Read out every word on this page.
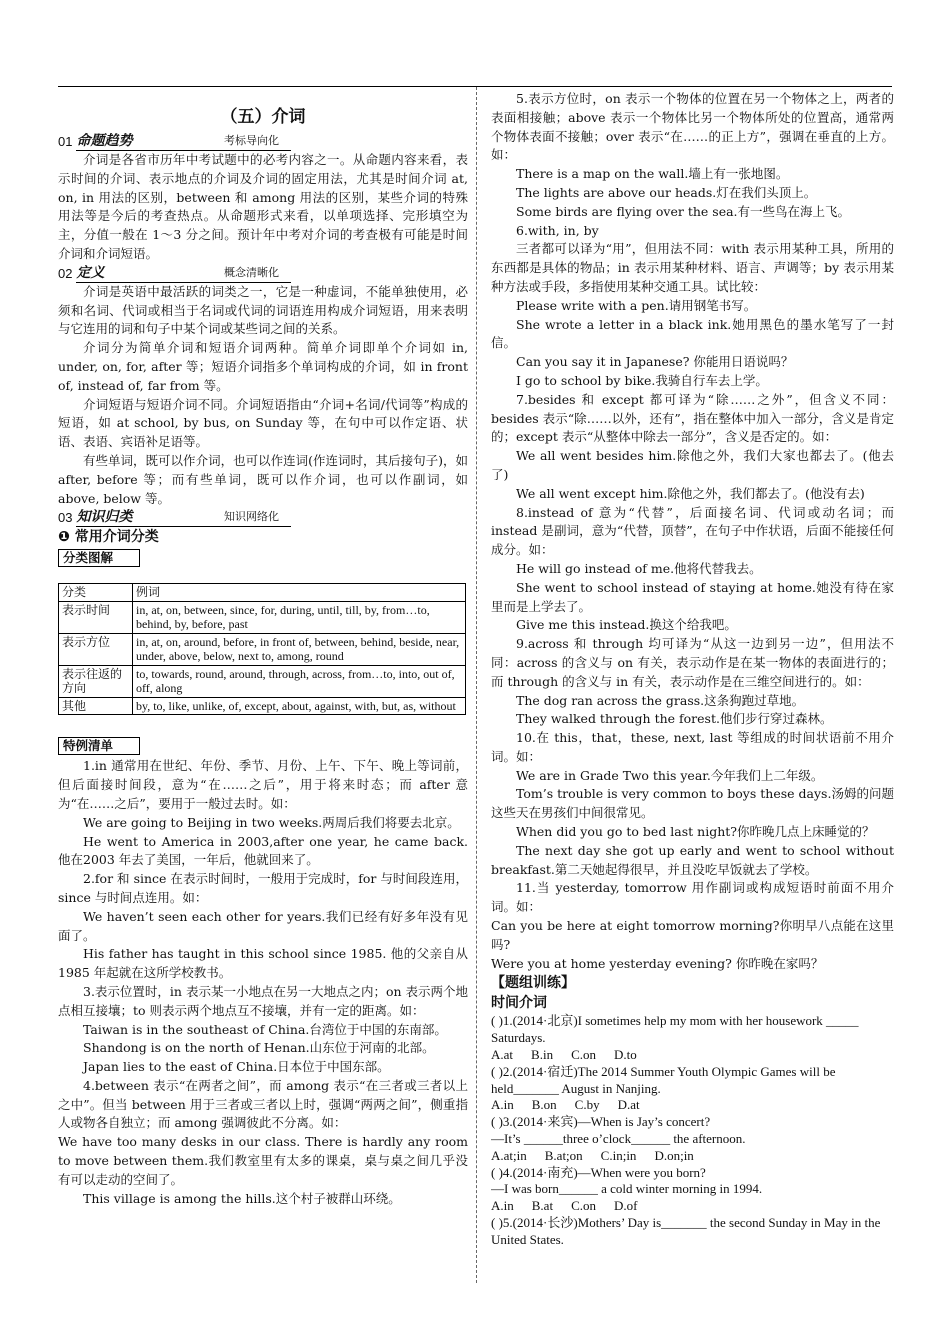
（五）介词
01 命题趋势	考标导向化

介词是各省市历年中考试题中的必考内容之一。从命题内容来看，表示时间的介词、表示地点的介词及介词的固定用法，尤其是时间介词 at, on, in 用法的区别，between 和 among 用法的区别，某些介词的特殊用法等是今后的考查热点。从命题形式来看，以单项选择、完形填空为主，分值一般在 1～3 分之间。预计年中考对介词的考查极有可能是时间介词和介词短语。

02 定义	概念清晰化

介词是英语中最活跃的词类之一，它是一种虚词，不能单独使用，必须和名词、代词或相当于名词或代词的词语连用构成介词短语，用来表明与它连用的词和句子中某个词或某些词之间的关系。

介词分为简单介词和短语介词两种。简单介词即单个介词如 in, under, on, for, after 等；短语介词指多个单词构成的介词，如 in front of, instead of, far from 等。

介词短语与短语介词不同。介词短语指由“介词+名词/代词等”构成的短语，如 at school, by bus, on Sunday 等，在句中可以作定语、状语、表语、宾语补足语等。

有些单词，既可以作介词，也可以作连词(作连词时，其后接句子)，如 after, before 等；而有些单词，既可以作介词，也可以作副词，如 above, below 等。

03 知识归类	知识网络化
❶ 常用介词分类
分类图解
分类	例词
表示时间	in, at, on, between, since, for, during, until, till, by, from…to, behind, by, before, past
表示方位	in, at, on, around, before, in front of, between, behind, beside, near, under, above, below, next to, among, round
表示往返的方向	to, towards, round, around, through, across, from…to, into, out of, off, along
其他	by, to, like, unlike, of, except, about, against, with, but, as, without
特例清单

1.in 通常用在世纪、年份、季节、月份、上午、下午、晚上等词前，但后面接时间段，意为“在……之后”，用于将来时态；而 after 意为“在……之后”，要用于一般过去时。如：

We are going to Beijing in two weeks.两周后我们将要去北京。

He went to America in 2003,after one year, he came back. 他在2003 年去了美国，一年后，他就回来了。

2.for 和 since 在表示时间时，一般用于完成时，for 与时间段连用，since 与时间点连用。如：

We haven’t seen each other for years.我们已经有好多年没有见面了。

His father has taught in this school since 1985. 他的父亲自从1985 年起就在这所学校教书。

3.表示位置时，in 表示某一小地点在另一大地点之内；on 表示两个地点相互接壤；to 则表示两个地点互不接壤，并有一定的距离。如：

Taiwan is in the southeast of China.台湾位于中国的东南部。

Shandong is on the north of Henan.山东位于河南的北部。

Japan lies to the east of China.日本位于中国东部。

4.between 表示“在两者之间”，而 among 表示“在三者或三者以上之中”。但当 between 用于三者或三者以上时，强调“两两之间”，侧重指人或物各自独立；而 among 强调彼此不分离。如：

We have too many desks in our class. There is hardly any room to move between them.我们教室里有太多的课桌，桌与桌之间几乎没有可以走动的空间了。

This village is among the hills.这个村子被群山环绕。

5.表示方位时，on 表示一个物体的位置在另一个物体之上，两者的表面相接触；above 表示一个物体比另一个物体所处的位置高，通常两个物体表面不接触；over 表示“在……的正上方”，强调在垂直的上方。如：

There is a map on the wall.墙上有一张地图。

The lights are above our heads.灯在我们头顶上。

Some birds are flying over the sea.有一些鸟在海上飞。

6.with, in, by

三者都可以译为“用”，但用法不同：with 表示用某种工具，所用的东西都是具体的物品；in 表示用某种材料、语言、声调等；by 表示用某种方法或手段，多指使用某种交通工具。试比较：

Please write with a pen.请用钢笔书写。

She wrote a letter in a black ink.她用黑色的墨水笔写了一封信。

Can you say it in Japanese? 你能用日语说吗？

I go to school by bike.我骑自行车去上学。

7.besides 和 except 都可译为“除……之外”，但含义不同：besides 表示“除……以外，还有”，指在整体中加入一部分，含义是肯定的；except 表示“从整体中除去一部分”，含义是否定的。如：

We all went besides him.除他之外，我们大家也都去了。(他去了)

We all went except him.除他之外，我们都去了。(他没有去)

8.instead of 意为“代替”，后面接名词、代词或动名词；而 instead 是副词，意为“代替，顶替”，在句子中作状语，后面不能接任何成分。如：

He will go instead of me.他将代替我去。

She went to school instead of staying at home.她没有待在家里而是上学去了。

Give me this instead.换这个给我吧。

9.across 和 through 均可译为“从这一边到另一边”，但用法不同：across 的含义与 on 有关，表示动作是在某一物体的表面进行的；而 through 的含义与 in 有关，表示动作是在三维空间进行的。如：

The dog ran across the grass.这条狗跑过草地。

They walked through the forest.他们步行穿过森林。

10.在 this，that，these, next, last 等组成的时间状语前不用介词。如：

We are in Grade Two this year.今年我们上二年级。

Tom’s trouble is very common to boys these days.汤姆的问题这些天在男孩们中间很常见。

When did you go to bed last night?你昨晚几点上床睡觉的？

The next day she got up early and went to school without breakfast.第二天她起得很早，并且没吃早饭就去了学校。

11.当 yesterday, tomorrow 用作副词或构成短语时前面不用介词。如：

Can you be here at eight tomorrow morning?你明早八点能在这里吗?

Were you at home yesterday evening? 你昨晚在家吗？

【题组训练】
时间介词
( )1.(2014·北京)I sometimes help my mom with her housework _____ Saturdays.
A.at B.in C.on D.to
( )2.(2014·宿迁)The 2014 Summer Youth Olympic Games will be held_______ August in Nanjing.
A.in B.on C.by D.at
( )3.(2014·来宾)—When is Jay’s concert?
—It’s ______three o’clock______ the afternoon.
A.at;in B.at;on C.in;in D.on;in
( )4.(2014·南充)—When were you born?
—I was born______ a cold winter morning in 1994.
A.in B.at C.on D.of
( )5.(2014·长沙)Mothers’ Day is_______ the second Sunday in May in the United States.
